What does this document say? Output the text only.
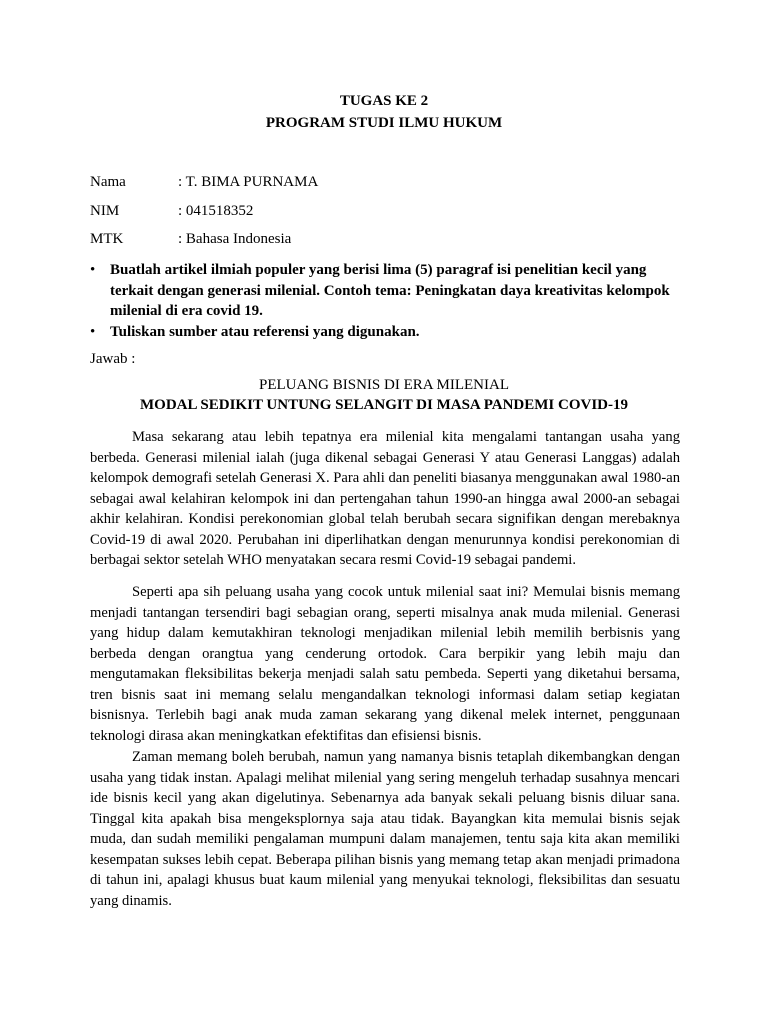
TUGAS KE 2
PROGRAM STUDI ILMU HUKUM
Nama	: T. BIMA PURNAMA
NIM	: 041518352
MTK	: Bahasa Indonesia
• Buatlah artikel ilmiah populer yang berisi lima (5) paragraf isi penelitian kecil yang terkait dengan generasi milenial. Contoh tema: Peningkatan daya kreativitas kelompok milenial di era covid 19.
• Tuliskan sumber atau referensi yang digunakan.
Jawab :
PELUANG BISNIS DI ERA MILENIAL
MODAL SEDIKIT UNTUNG SELANGIT DI MASA PANDEMI COVID-19

Masa sekarang atau lebih tepatnya era milenial kita mengalami tantangan usaha yang berbeda. Generasi milenial ialah (juga dikenal sebagai Generasi Y atau Generasi Langgas) adalah kelompok demografi setelah Generasi X. Para ahli dan peneliti biasanya menggunakan awal 1980-an sebagai awal kelahiran kelompok ini dan pertengahan tahun 1990-an hingga awal 2000-an sebagai akhir kelahiran. Kondisi perekonomian global telah berubah secara signifikan dengan merebaknya Covid-19 di awal 2020. Perubahan ini diperlihatkan dengan menurunnya kondisi perekonomian di berbagai sektor setelah WHO menyatakan secara resmi Covid-19 sebagai pandemi.

Seperti apa sih peluang usaha yang cocok untuk milenial saat ini? Memulai bisnis memang menjadi tantangan tersendiri bagi sebagian orang, seperti misalnya anak muda milenial. Generasi yang hidup dalam kemutakhiran teknologi menjadikan milenial lebih memilih berbisnis yang berbeda dengan orangtua yang cenderung ortodok. Cara berpikir yang lebih maju dan mengutamakan fleksibilitas bekerja menjadi salah satu pembeda. Seperti yang diketahui bersama, tren bisnis saat ini memang selalu mengandalkan teknologi informasi dalam setiap kegiatan bisnisnya. Terlebih bagi anak muda zaman sekarang yang dikenal melek internet, penggunaan teknologi dirasa akan meningkatkan efektifitas dan efisiensi bisnis.

Zaman memang boleh berubah, namun yang namanya bisnis tetaplah dikembangkan dengan usaha yang tidak instan. Apalagi melihat milenial yang sering mengeluh terhadap susahnya mencari ide bisnis kecil yang akan digelutinya. Sebenarnya ada banyak sekali peluang bisnis diluar sana. Tinggal kita apakah bisa mengeksplornya saja atau tidak. Bayangkan kita memulai bisnis sejak muda, dan sudah memiliki pengalaman mumpuni dalam manajemen, tentu saja kita akan memiliki kesempatan sukses lebih cepat. Beberapa pilihan bisnis yang memang tetap akan menjadi primadona di tahun ini, apalagi khusus buat kaum milenial yang menyukai teknologi, fleksibilitas dan sesuatu yang dinamis.
